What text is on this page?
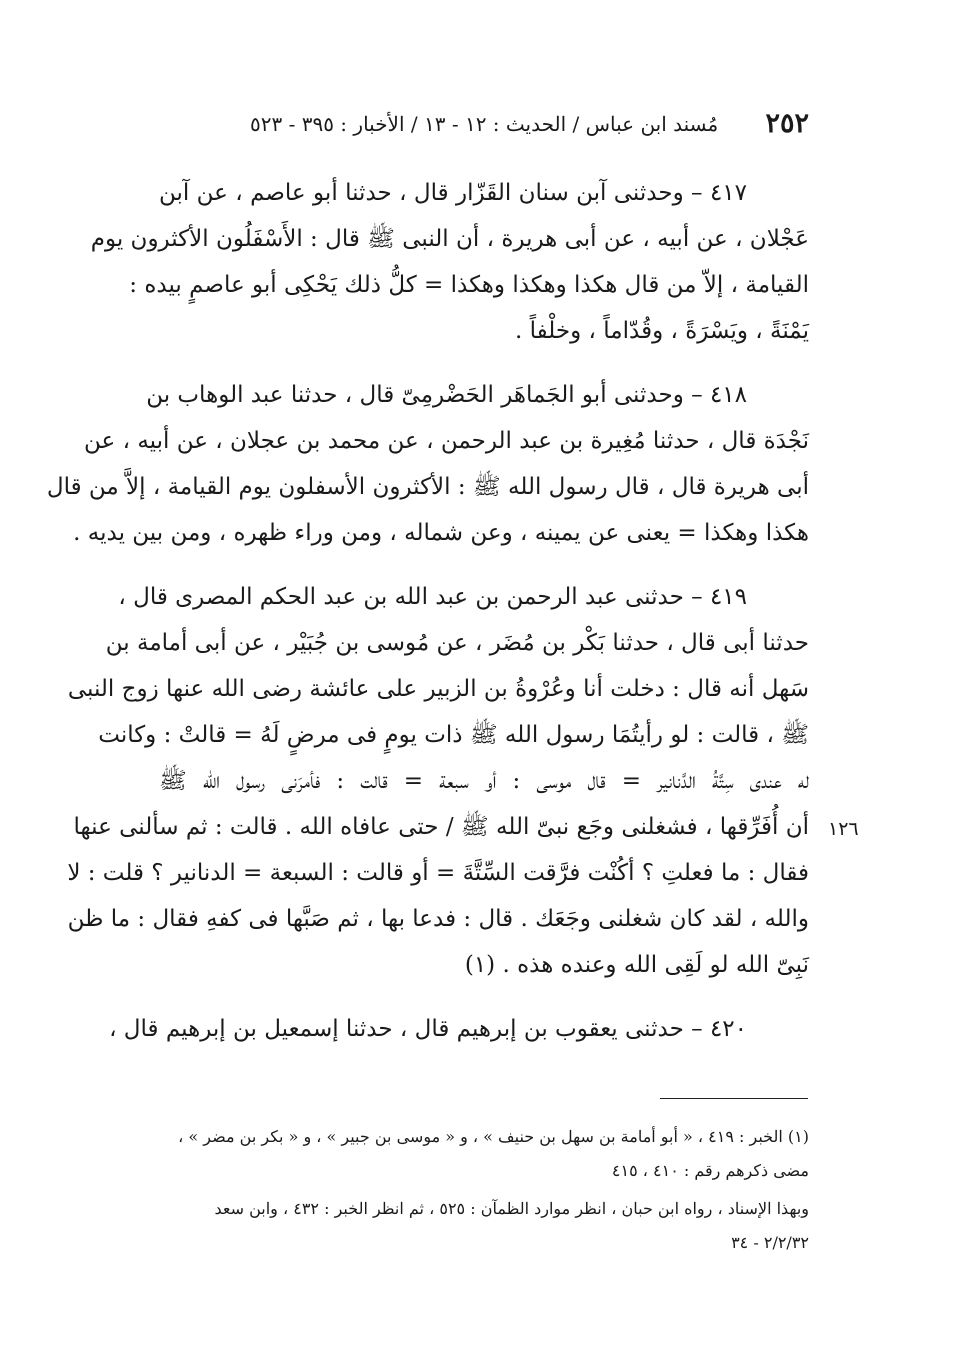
٢٥٢
مُسند ابن عباس / الحديث : ١٢ - ١٣ / الأخبار : ٣٩٥ - ٥٢٣

٤١٧ – وحدثنى آبن سنان القَزّار قال ، حدثنا أبو عاصم ، عن آبن
عَجْلان ، عن أبيه ، عن أبى هريرة ، أن النبى ﷺ قال : الأَسْفَلُون الأكثرون يوم
القيامة ، إلاّ من قال هكذا وهكذا وهكذا = كلُّ ذلك يَحْكِى أبو عاصمٍ بيده :
يَمْنَةً ، ويَسْرَةً ، وقُدّاماً ، وخلْفاً .

٤١٨ – وحدثنى أبو الجَماهَر الحَضْرمِىّ قال ، حدثنا عبد الوهاب بن
نَجْدَة قال ، حدثنا مُغِيرة بن عبد الرحمن ، عن محمد بن عجلان ، عن أبيه ، عن
أبى هريرة قال ، قال رسول الله ﷺ : الأكثرون الأسفلون يوم القيامة ، إلاَّ من قال
هكذا وهكذا = يعنى عن يمينه ، وعن شماله ، ومن وراء ظهره ، ومن بين يديه .

٤١٩ – حدثنى عبد الرحمن بن عبد الله بن عبد الحكم المصرى قال ،
حدثنا أبى قال ، حدثنا بَكْر بن مُضَر ، عن مُوسى بن جُبَيْر ، عن أبى أمامة بن
سَهل أنه قال : دخلت أنا وعُرْوةُ بن الزبير على عائشة رضى الله عنها زوج النبى
ﷺ ، قالت : لو رأيتُمَا رسول الله ﷺ ذات يومٍ فى مرضٍ لَهُ = قالتْ : وكانت
له عندى سِتَّةُ الدَّنانير = قال موسى : أو سبعة = قالت : فأمرَنى رسول الله ﷺ
أن أُفَرِّقها ، فشغلنى وجَع نبىّ الله ﷺ / حتى عافاه الله . قالت : ثم سألنى عنها
فقال : ما فعلتِ ؟ أكُنْت فرَّقت السِّتَّةَ = أو قالت : السبعة = الدنانير ؟ قلت : لا
والله ، لقد كان شغلنى وجَعَك . قال : فدعا بها ، ثم صَبَّها فى كفهِ فقال : ما ظن
نَبِىّ الله لو لَقِى الله وعنده هذه . (١)

٤٢٠ – حدثنى يعقوب بن إبرهيم قال ، حدثنا إسمعيل بن إبرهيم قال ،

١٢٦
(١) الخبر : ٤١٩ ، « أبو أمامة بن سهل بن حنيف » ، و « موسى بن جبير » ، و « بكر بن مضر » ،
مضى ذكرهم رقم : ٤١٠ ، ٤١٥
وبهذا الإسناد ، رواه ابن حبان ، انظر موارد الظمآن : ٥٢٥ ، ثم انظر الخبر : ٤٣٢ ، وابن سعد
٢/٢/٣٢ - ٣٤
